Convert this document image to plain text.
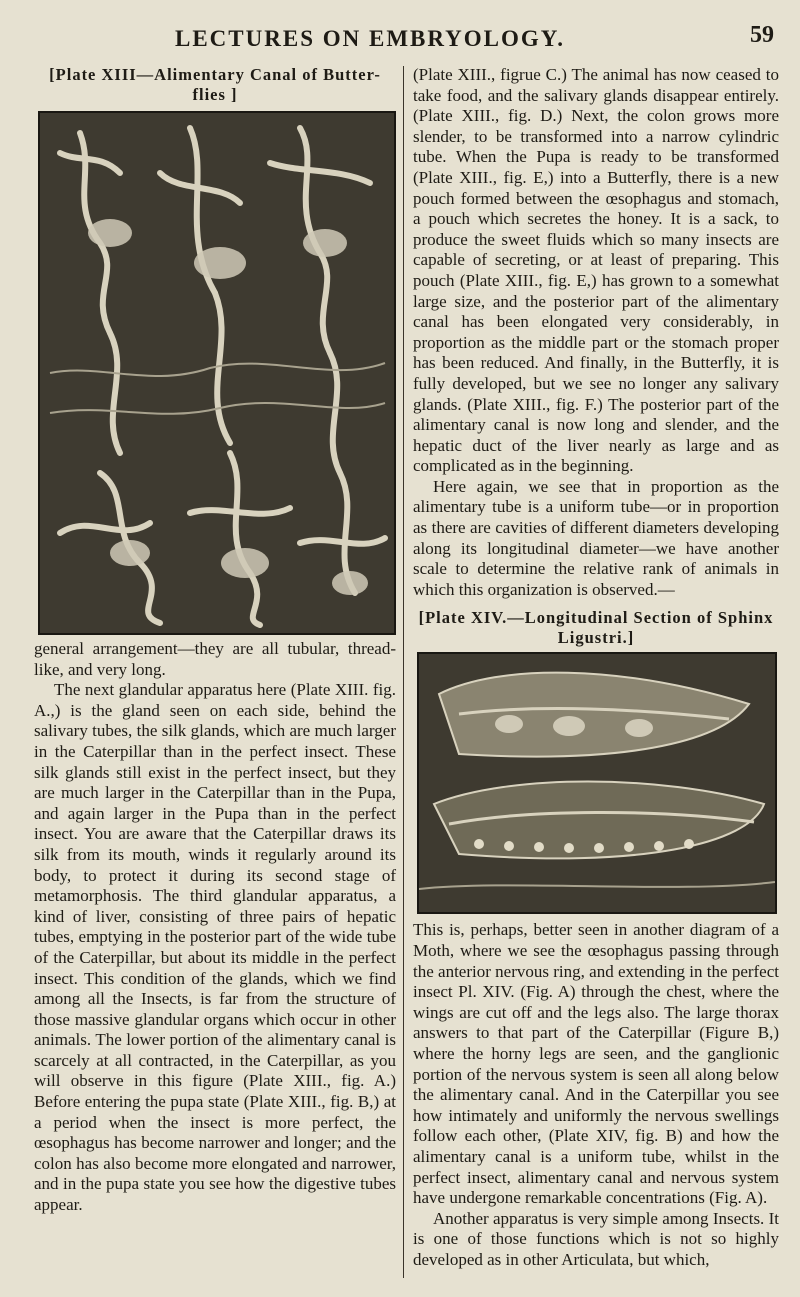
LECTURES ON EMBRYOLOGY.	59
[Plate XIII—Alimentary Canal of Butter-flies ]

general arrangement—they are all tubular, thread-like, and very long.

The next glandular apparatus here (Plate XIII. fig. A.,) is the gland seen on each side, behind the salivary tubes, the silk glands, which are much larger in the Caterpillar than in the perfect insect. These silk glands still exist in the perfect insect, but they are much larger in the Caterpillar than in the Pupa, and again larger in the Pupa than in the perfect insect. You are aware that the Caterpillar draws its silk from its mouth, winds it regularly around its body, to protect it during its second stage of metamorphosis. The third glandular apparatus, a kind of liver, consisting of three pairs of hepatic tubes, emptying in the posterior part of the wide tube of the Caterpillar, but about its middle in the perfect insect. This condition of the glands, which we find among all the Insects, is far from the structure of those massive glandular organs which occur in other animals. The lower portion of the alimentary canal is scarcely at all contracted, in the Caterpillar, as you will observe in this figure (Plate XIII., fig. A.) Before entering the pupa state (Plate XIII., fig. B,) at a period when the insect is more perfect, the œsophagus has become narrower and longer; and the colon has also become more elongated and narrower, and in the pupa state you see how the digestive tubes appear.

(Plate XIII., figrue C.) The animal has now ceased to take food, and the salivary glands disappear entirely. (Plate XIII., fig. D.) Next, the colon grows more slender, to be transformed into a narrow cylindric tube. When the Pupa is ready to be transformed (Plate XIII., fig. E,) into a Butterfly, there is a new pouch formed between the œsophagus and stomach, a pouch which secretes the honey. It is a sack, to produce the sweet fluids which so many insects are capable of secreting, or at least of preparing. This pouch (Plate XIII., fig. E,) has grown to a somewhat large size, and the posterior part of the alimentary canal has been elongated very considerably, in proportion as the middle part or the stomach proper has been reduced. And finally, in the Butterfly, it is fully developed, but we see no longer any salivary glands. (Plate XIII., fig. F.) The posterior part of the alimentary canal is now long and slender, and the hepatic duct of the liver nearly as large and as complicated as in the beginning.

Here again, we see that in proportion as the alimentary tube is a uniform tube—or in proportion as there are cavities of different diameters developing along its longitudinal diameter—we have another scale to determine the relative rank of animals in which this organization is observed.—

[Plate XIV.—Longitudinal Section of Sphinx Ligustri.]

This is, perhaps, better seen in another diagram of a Moth, where we see the œsophagus passing through the anterior nervous ring, and extending in the perfect insect Pl. XIV. (Fig. A) through the chest, where the wings are cut off and the legs also. The large thorax answers to that part of the Caterpillar (Figure B,) where the horny legs are seen, and the ganglionic portion of the nervous system is seen all along below the alimentary canal. And in the Caterpillar you see how intimately and uniformly the nervous swellings follow each other, (Plate XIV, fig. B) and how the alimentary canal is a uniform tube, whilst in the perfect insect, alimentary canal and nervous system have undergone remarkable concentrations (Fig. A).

Another apparatus is very simple among Insects. It is one of those functions which is not so highly developed as in other Articulata, but which,
